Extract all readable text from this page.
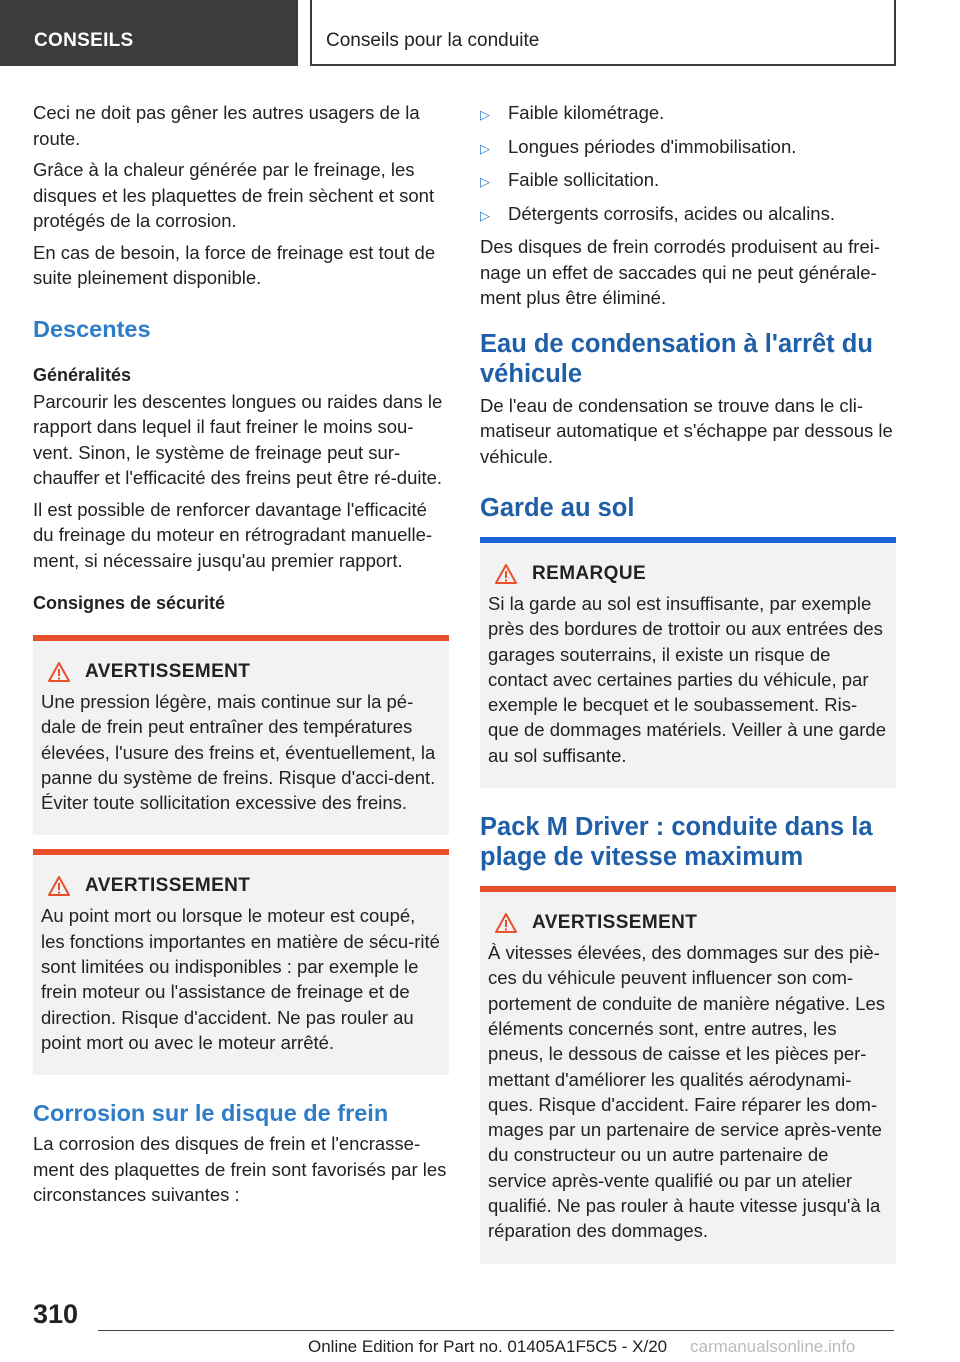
CONSEILS	Conseils pour la conduite

Ceci ne doit pas gêner les autres usagers de la route.

Grâce à la chaleur générée par le freinage, les disques et les plaquettes de frein sèchent et sont protégés de la corrosion.

En cas de besoin, la force de freinage est tout de suite pleinement disponible.

Descentes
Généralités

Parcourir les descentes longues ou raides dans le rapport dans lequel il faut freiner le moins sou-vent. Sinon, le système de freinage peut sur-chauffer et l'efficacité des freins peut être ré-duite.

Il est possible de renforcer davantage l'efficacité du freinage du moteur en rétrogradant manuelle-ment, si nécessaire jusqu'au premier rapport.

Consignes de sécurité
AVERTISSEMENT

Une pression légère, mais continue sur la pé-dale de frein peut entraîner des températures élevées, l'usure des freins et, éventuellement, la panne du système de freins. Risque d'acci-dent. Éviter toute sollicitation excessive des freins.

AVERTISSEMENT

Au point mort ou lorsque le moteur est coupé, les fonctions importantes en matière de sécu-rité sont limitées ou indisponibles : par exemple le frein moteur ou l'assistance de freinage et de direction. Risque d'accident. Ne pas rouler au point mort ou avec le moteur arrêté.

Corrosion sur le disque de frein

La corrosion des disques de frein et l'encrasse-ment des plaquettes de frein sont favorisés par les circonstances suivantes :

▷ Faible kilométrage.
▷ Longues périodes d'immobilisation.
▷ Faible sollicitation.
▷ Détergents corrosifs, acides ou alcalins.

Des disques de frein corrodés produisent au frei-nage un effet de saccades qui ne peut générale-ment plus être éliminé.

Eau de condensation à l'arrêt du véhicule

De l'eau de condensation se trouve dans le cli-matiseur automatique et s'échappe par dessous le véhicule.

Garde au sol
REMARQUE

Si la garde au sol est insuffisante, par exemple près des bordures de trottoir ou aux entrées des garages souterrains, il existe un risque de contact avec certaines parties du véhicule, par exemple le becquet et le soubassement. Ris-que de dommages matériels. Veiller à une garde au sol suffisante.

Pack M Driver : conduite dans la plage de vitesse maximum
AVERTISSEMENT

À vitesses élevées, des dommages sur des piè-ces du véhicule peuvent influencer son com-portement de conduite de manière négative. Les éléments concernés sont, entre autres, les pneus, le dessous de caisse et les pièces per-mettant d'améliorer les qualités aérodynami-ques. Risque d'accident. Faire réparer les dom-mages par un partenaire de service après-vente du constructeur ou un autre partenaire de service après-vente qualifié ou par un atelier qualifié. Ne pas rouler à haute vitesse jusqu'à la réparation des dommages.

310
Online Edition for Part no. 01405A1F5C5 - X/20 carmanualsonline.info
